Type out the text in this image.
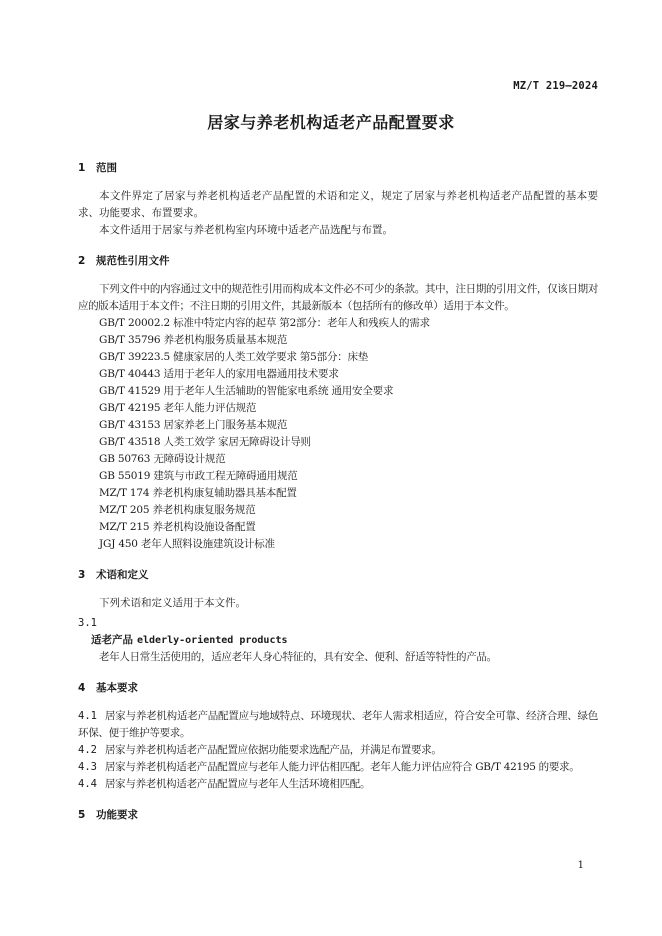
MZ/T 219—2024
居家与养老机构适老产品配置要求
1 范围

本文件界定了居家与养老机构适老产品配置的术语和定义，规定了居家与养老机构适老产品配置的基本要求、功能要求、布置要求。

本文件适用于居家与养老机构室内环境中适老产品选配与布置。

2 规范性引用文件

下列文件中的内容通过文中的规范性引用而构成本文件必不可少的条款。其中，注日期的引用文件，仅该日期对应的版本适用于本文件；不注日期的引用文件，其最新版本（包括所有的修改单）适用于本文件。

GB/T 20002.2 标准中特定内容的起草 第2部分：老年人和残疾人的需求
GB/T 35796 养老机构服务质量基本规范
GB/T 39223.5 健康家居的人类工效学要求 第5部分：床垫
GB/T 40443 适用于老年人的家用电器通用技术要求
GB/T 41529 用于老年人生活辅助的智能家电系统 通用安全要求
GB/T 42195 老年人能力评估规范
GB/T 43153 居家养老上门服务基本规范
GB/T 43518 人类工效学 家居无障碍设计导则
GB 50763 无障碍设计规范
GB 55019 建筑与市政工程无障碍通用规范
MZ/T 174 养老机构康复辅助器具基本配置
MZ/T 205 养老机构康复服务规范
MZ/T 215 养老机构设施设备配置
JGJ 450 老年人照料设施建筑设计标准
3 术语和定义

下列术语和定义适用于本文件。

3.1
适老产品 elderly-oriented products
老年人日常生活使用的，适应老年人身心特征的，具有安全、便利、舒适等特性的产品。
4 基本要求

4.1 居家与养老机构适老产品配置应与地域特点、环境现状、老年人需求相适应，符合安全可靠、经济合理、绿色环保、便于维护等要求。

4.2 居家与养老机构适老产品配置应依据功能要求选配产品，并满足布置要求。

4.3 居家与养老机构适老产品配置应与老年人能力评估相匹配。老年人能力评估应符合 GB/T 42195 的要求。

4.4 居家与养老机构适老产品配置应与老年人生活环境相匹配。

5 功能要求
1
